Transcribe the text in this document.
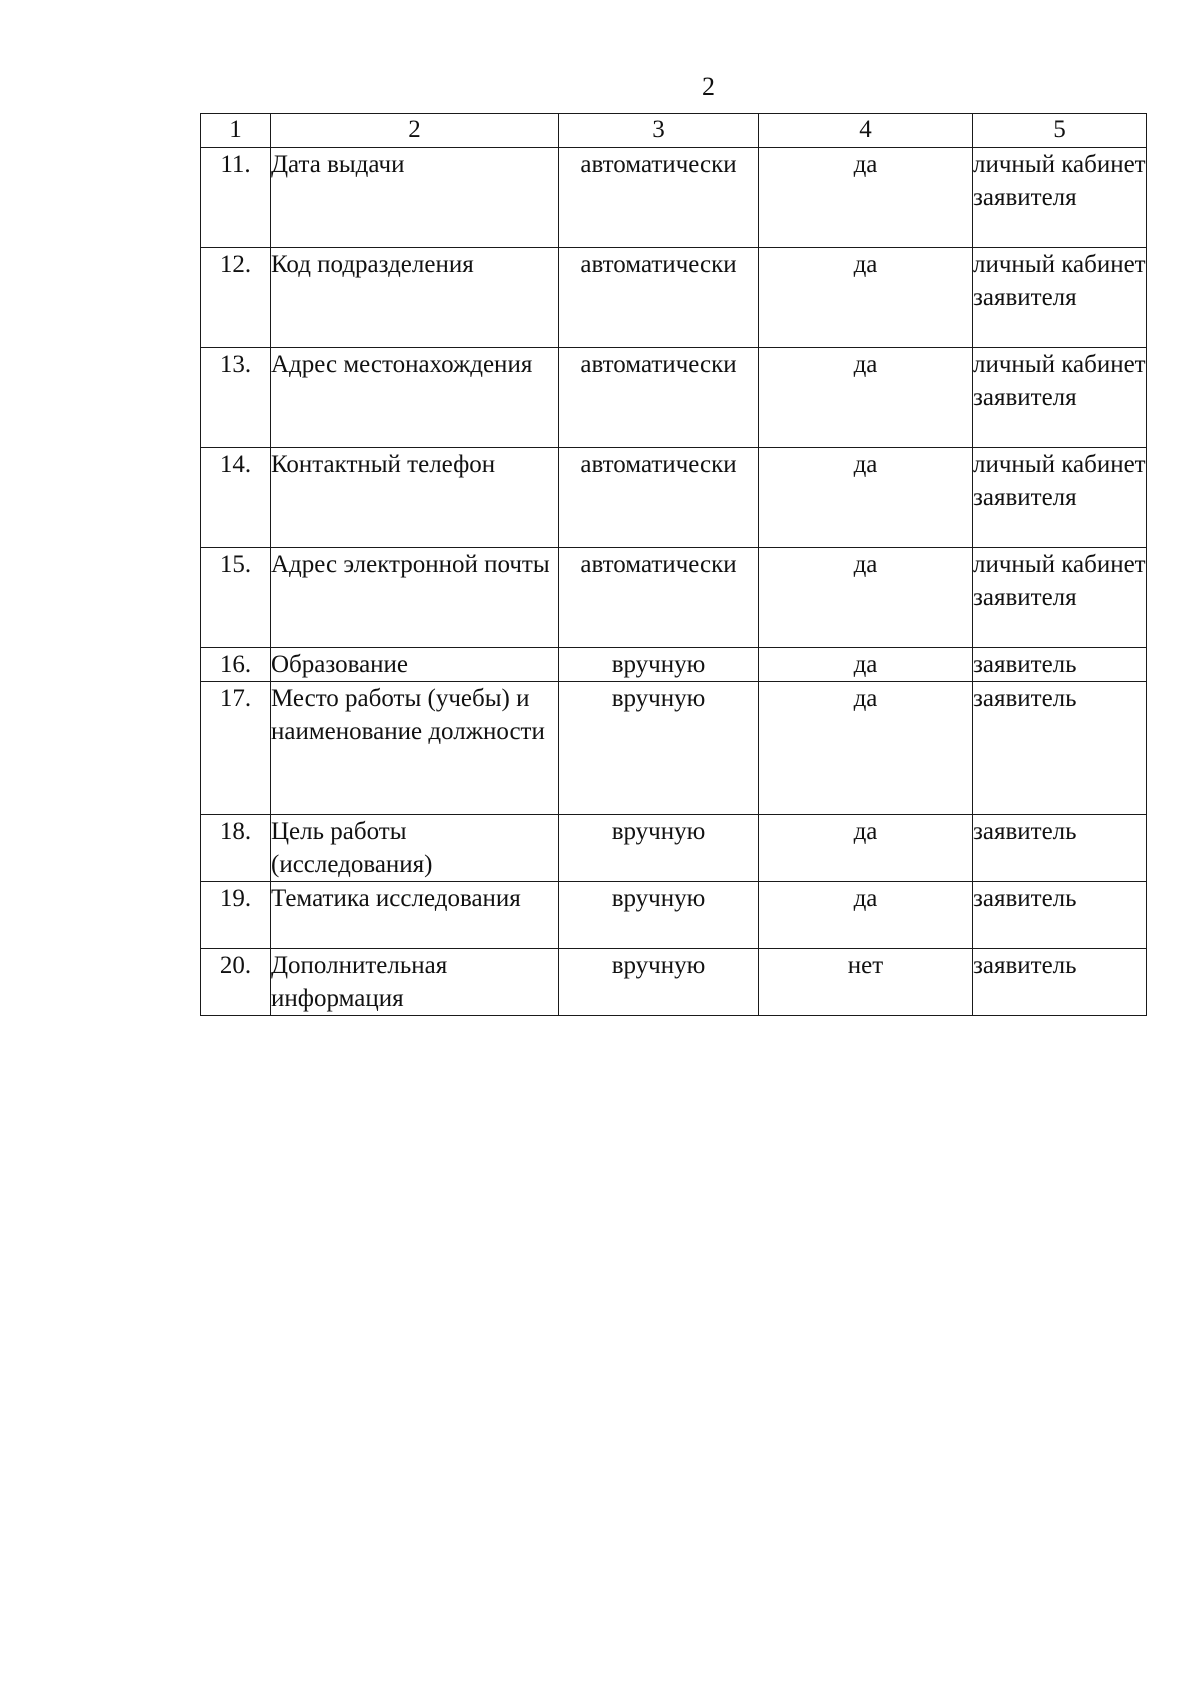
2
1	2	3	4	5
11.	Дата выдачи	автоматически	да	личный кабинет заявителя
12.	Код подразделения	автоматически	да	личный кабинет заявителя
13.	Адрес местонахождения	автоматически	да	личный кабинет заявителя
14.	Контактный телефон	автоматически	да	личный кабинет заявителя
15.	Адрес электронной почты	автоматически	да	личный кабинет заявителя
16.	Образование	вручную	да	заявитель
17.	Место работы (учебы) и наименование должности	вручную	да	заявитель
18.	Цель работы (исследования)	вручную	да	заявитель
19.	Тематика исследования	вручную	да	заявитель
20.	Дополнительная информация	вручную	нет	заявитель
